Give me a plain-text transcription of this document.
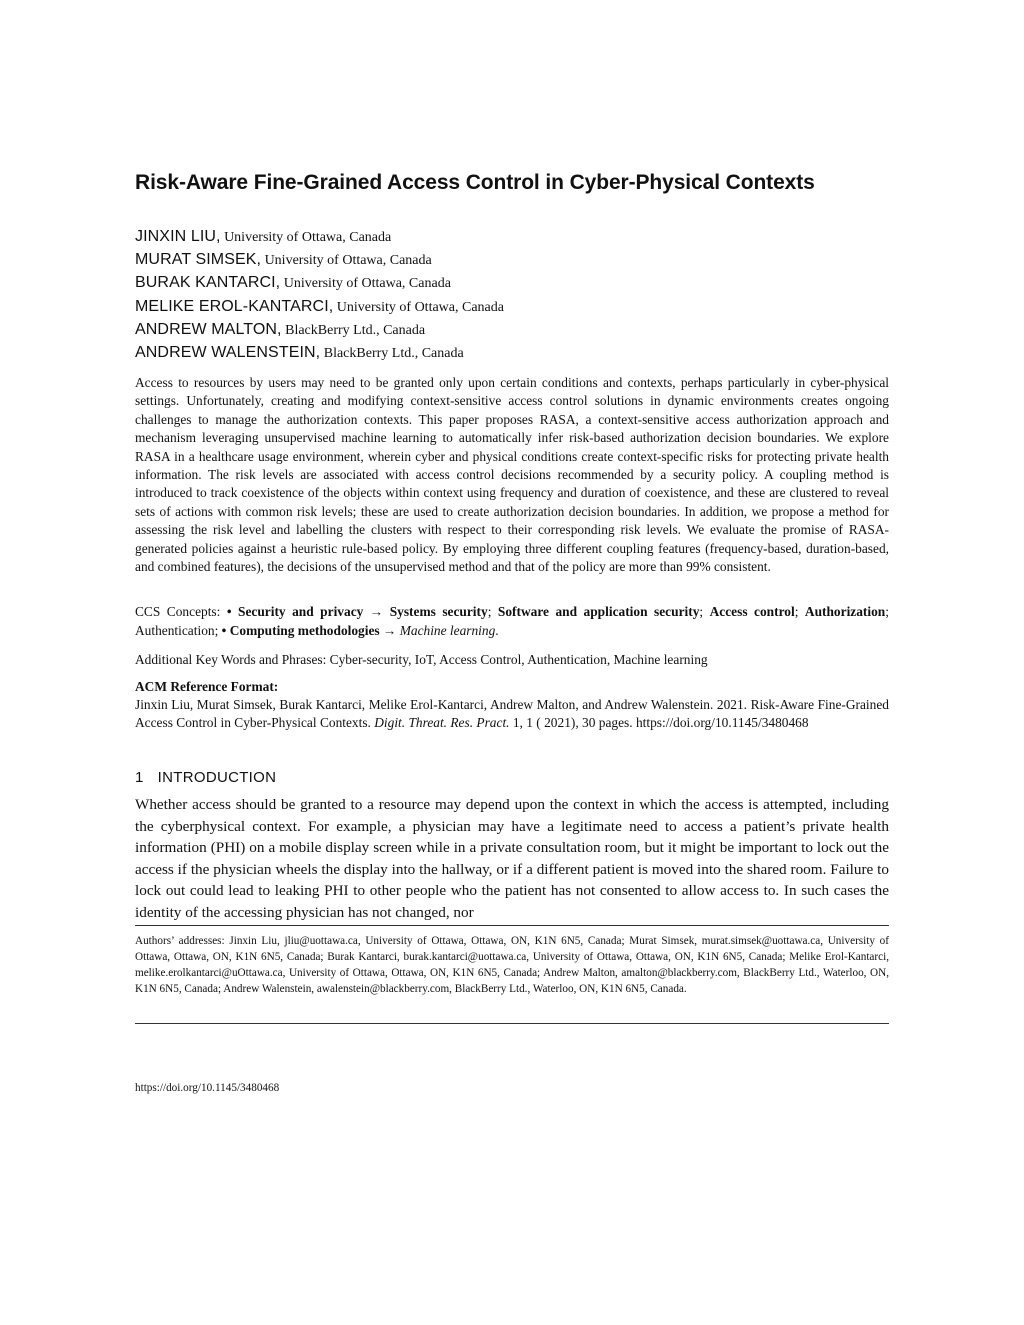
Risk-Aware Fine-Grained Access Control in Cyber-Physical Contexts
JINXIN LIU, University of Ottawa, Canada
MURAT SIMSEK, University of Ottawa, Canada
BURAK KANTARCI, University of Ottawa, Canada
MELIKE EROL-KANTARCI, University of Ottawa, Canada
ANDREW MALTON, BlackBerry Ltd., Canada
ANDREW WALENSTEIN, BlackBerry Ltd., Canada

Access to resources by users may need to be granted only upon certain conditions and contexts, perhaps particularly in cyber-physical settings. Unfortunately, creating and modifying context-sensitive access control solutions in dynamic environments creates ongoing challenges to manage the authorization contexts. This paper proposes RASA, a context-sensitive access authorization approach and mechanism leveraging unsupervised machine learning to automatically infer risk-based authorization decision boundaries. We explore RASA in a healthcare usage environment, wherein cyber and physical conditions create context-specific risks for protecting private health information. The risk levels are associated with access control decisions recommended by a security policy. A coupling method is introduced to track coexistence of the objects within context using frequency and duration of coexistence, and these are clustered to reveal sets of actions with common risk levels; these are used to create authorization decision boundaries. In addition, we propose a method for assessing the risk level and labelling the clusters with respect to their corresponding risk levels. We evaluate the promise of RASA-generated policies against a heuristic rule-based policy. By employing three different coupling features (frequency-based, duration-based, and combined features), the decisions of the unsupervised method and that of the policy are more than 99% consistent.

CCS Concepts: • Security and privacy → Systems security; Software and application security; Access control; Authorization; Authentication; • Computing methodologies → Machine learning.

Additional Key Words and Phrases: Cyber-security, IoT, Access Control, Authentication, Machine learning

ACM Reference Format:
Jinxin Liu, Murat Simsek, Burak Kantarci, Melike Erol-Kantarci, Andrew Malton, and Andrew Walenstein. 2021. Risk-Aware Fine-Grained Access Control in Cyber-Physical Contexts. Digit. Threat. Res. Pract. 1, 1 ( 2021), 30 pages. https://doi.org/10.1145/3480468

1 INTRODUCTION

Whether access should be granted to a resource may depend upon the context in which the access is attempted, including the cyberphysical context. For example, a physician may have a legitimate need to access a patient’s private health information (PHI) on a mobile display screen while in a private consultation room, but it might be important to lock out the access if the physician wheels the display into the hallway, or if a different patient is moved into the shared room. Failure to lock out could lead to leaking PHI to other people who the patient has not consented to allow access to. In such cases the identity of the accessing physician has not changed, nor

Authors’ addresses: Jinxin Liu, jliu@uottawa.ca, University of Ottawa, Ottawa, ON, K1N 6N5, Canada; Murat Simsek, murat.simsek@uottawa.ca, University of Ottawa, Ottawa, ON, K1N 6N5, Canada; Burak Kantarci, burak.kantarci@uottawa.ca, University of Ottawa, Ottawa, ON, K1N 6N5, Canada; Melike Erol-Kantarci, melike.erolkantarci@uOttawa.ca, University of Ottawa, Ottawa, ON, K1N 6N5, Canada; Andrew Malton, amalton@blackberry.com, BlackBerry Ltd., Waterloo, ON, K1N 6N5, Canada; Andrew Walenstein, awalenstein@blackberry.com, BlackBerry Ltd., Waterloo, ON, K1N 6N5, Canada.

https://doi.org/10.1145/3480468
